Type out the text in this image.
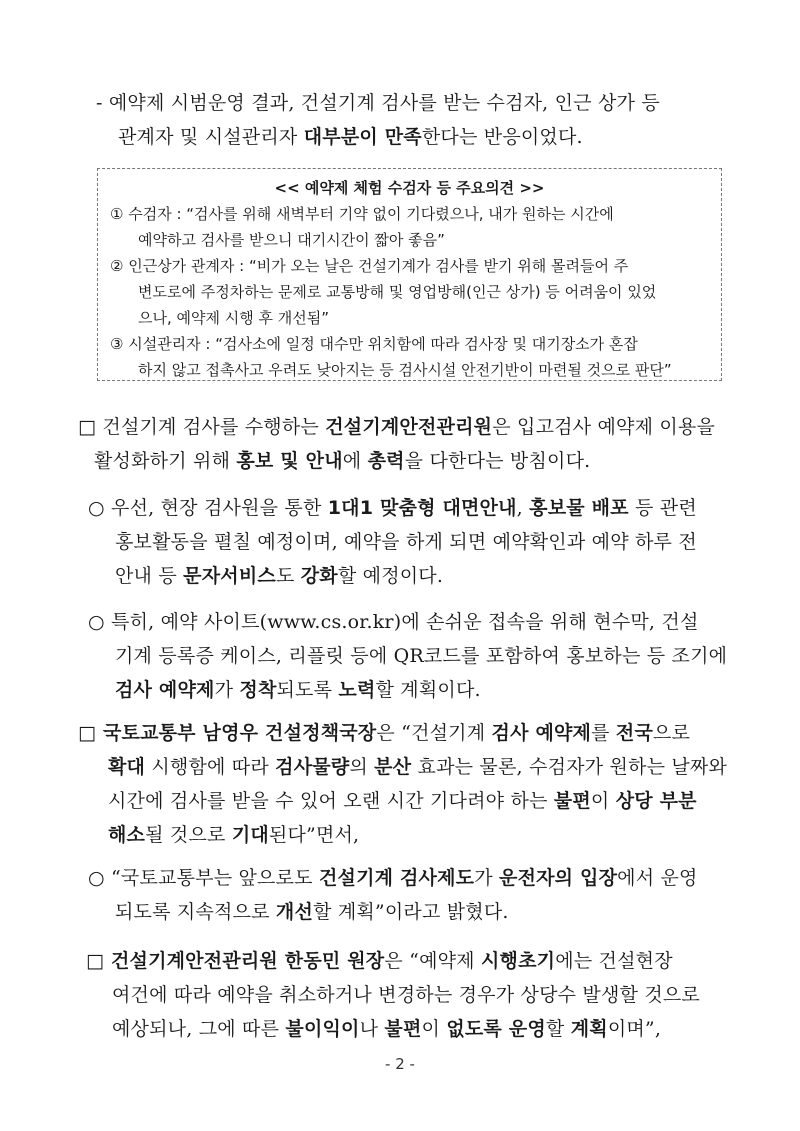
- 예약제 시범운영 결과, 건설기계 검사를 받는 수검자, 인근 상가 등
관계자 및 시설관리자 대부분이 만족한다는 반응이었다.
<< 예약제 체험 수검자 등 주요의견 >>
① 수검자 : “검사를 위해 새벽부터 기약 없이 기다렸으나, 내가 원하는 시간에
예약하고 검사를 받으니 대기시간이 짧아 좋음”
② 인근상가 관계자 : “비가 오는 날은 건설기계가 검사를 받기 위해 몰려들어 주
변도로에 주정차하는 문제로 교통방해 및 영업방해(인근 상가) 등 어려움이 있었
으나, 예약제 시행 후 개선됨”
③ 시설관리자 : “검사소에 일정 대수만 위치함에 따라 검사장 및 대기장소가 혼잡
하지 않고 접촉사고 우려도 낮아지는 등 검사시설 안전기반이 마련될 것으로 판단”
□ 건설기계 검사를 수행하는 건설기계안전관리원은 입고검사 예약제 이용을
활성화하기 위해 홍보 및 안내에 총력을 다한다는 방침이다.
○ 우선, 현장 검사원을 통한 1대1 맞춤형 대면안내, 홍보물 배포 등 관련
홍보활동을 펼칠 예정이며, 예약을 하게 되면 예약확인과 예약 하루 전
안내 등 문자서비스도 강화할 예정이다.
○ 특히, 예약 사이트(www.cs.or.kr)에 손쉬운 접속을 위해 현수막, 건설
기계 등록증 케이스, 리플릿 등에 QR코드를 포함하여 홍보하는 등 조기에
검사 예약제가 정착되도록 노력할 계획이다.
□ 국토교통부 남영우 건설정책국장은 “건설기계 검사 예약제를 전국으로
확대 시행함에 따라 검사물량의 분산 효과는 물론, 수검자가 원하는 날짜와
시간에 검사를 받을 수 있어 오랜 시간 기다려야 하는 불편이 상당 부분
해소될 것으로 기대된다”면서,
○ “국토교통부는 앞으로도 건설기계 검사제도가 운전자의 입장에서 운영
되도록 지속적으로 개선할 계획”이라고 밝혔다.
□ 건설기계안전관리원 한동민 원장은 “예약제 시행초기에는 건설현장
여건에 따라 예약을 취소하거나 변경하는 경우가 상당수 발생할 것으로
예상되나, 그에 따른 불이익이나 불편이 없도록 운영할 계획이며”,
- 2 -
